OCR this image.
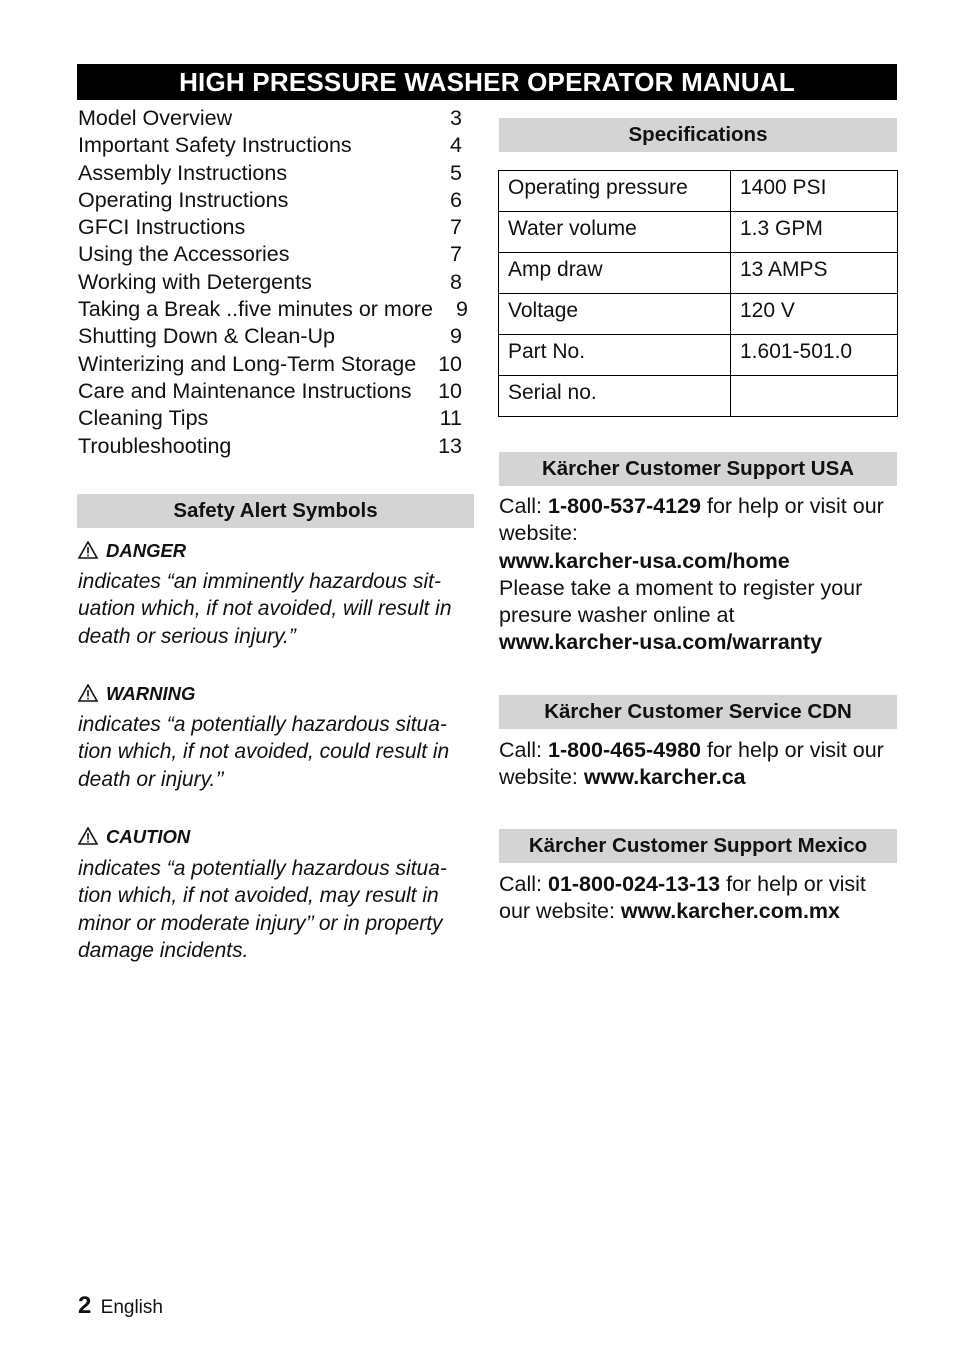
HIGH PRESSURE WASHER OPERATOR MANUAL
Model Overview	3
Important Safety Instructions	4
Assembly Instructions	5
Operating Instructions	6
GFCI Instructions	7
Using the Accessories	7
Working with Detergents	8
Taking a Break ..five minutes or more 9
Shutting Down & Clean-Up	9
Winterizing and Long-Term Storage 10
Care and Maintenance Instructions 10
Cleaning Tips	11
Troubleshooting	13
Safety Alert Symbols
DANGER
indicates “an imminently hazardous sit-uation which, if not avoided, will result in death or serious injury.”
WARNING
indicates “a potentially hazardous situa-tion which, if not avoided, could result in death or injury.’’
CAUTION
indicates “a potentially hazardous situa-tion which, if not avoided, may result in minor or moderate injury’’ or in property damage incidents.
Specifications
Operating pressure	1400 PSI
Water volume	1.3 GPM
Amp draw	13 AMPS
Voltage	120 V
Part No.	1.601-501.0
Serial no.	
Kärcher Customer Support USA
Call: 1-800-537-4129 for help or visit our website:
www.karcher-usa.com/home
Please take a moment to register your presure washer online at
www.karcher-usa.com/warranty
Kärcher Customer Service CDN
Call: 1-800-465-4980 for help or visit our website: www.karcher.ca
Kärcher Customer Support Mexico
Call: 01-800-024-13-13 for help or visit our website: www.karcher.com.mx
2 English
